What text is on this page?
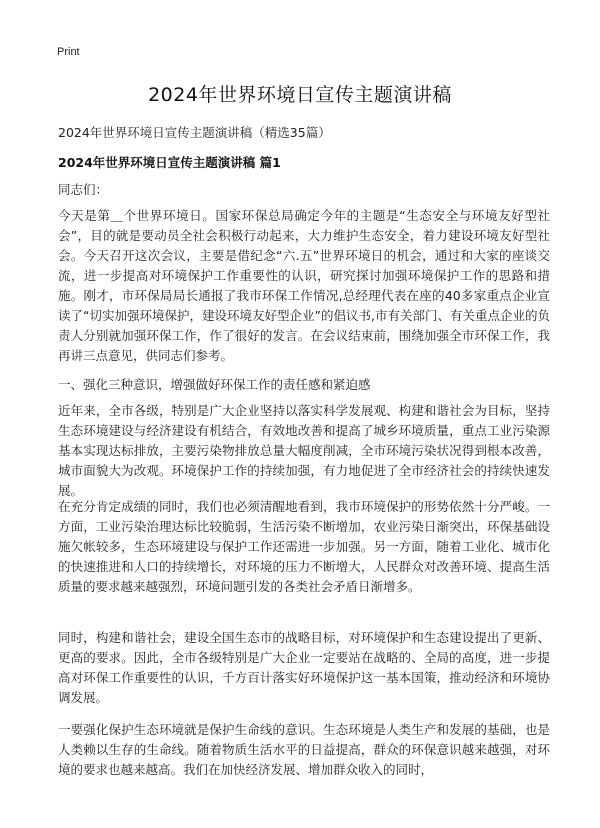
Print
2024年世界环境日宣传主题演讲稿
2024年世界环境日宣传主题演讲稿（精选35篇）
2024年世界环境日宣传主题演讲稿 篇1
同志们：

今天是第＿个世界环境日。国家环保总局确定今年的主题是“生态安全与环境友好型社会”，目的就是要动员全社会积极行动起来，大力维护生态安全，着力建设环境友好型社会。今天召开这次会议，主要是借纪念“六.五”世界环境日的机会，通过和大家的座谈交流，进一步提高对环境保护工作重要性的认识，研究探讨加强环境保护工作的思路和措施。刚才，市环保局局长通报了我市环保工作情况,总经理代表在座的40多家重点企业宣读了“切实加强环境保护，建设环境友好型企业”的倡议书,市有关部门、有关重点企业的负责人分别就加强环保工作，作了很好的发言。在会议结束前，围绕加强全市环保工作，我再讲三点意见，供同志们参考。

一、强化三种意识，增强做好环保工作的责任感和紧迫感

近年来，全市各级，特别是广大企业坚持以落实科学发展观、构建和谐社会为目标，坚持生态环境建设与经济建设有机结合，有效地改善和提高了城乡环境质量，重点工业污染源基本实现达标排放，主要污染物排放总量大幅度削减，全市环境污染状况得到根本改善，城市面貌大为改观。环境保护工作的持续加强，有力地促进了全市经济社会的持续快速发展。

在充分肯定成绩的同时，我们也必须清醒地看到，我市环境保护的形势依然十分严峻。一方面，工业污染治理达标比较脆弱，生活污染不断增加，农业污染日渐突出，环保基础设施欠帐较多，生态环境建设与保护工作还需进一步加强。另一方面，随着工业化、城市化的快速推进和人口的持续增长，对环境的压力不断增大，人民群众对改善环境、提高生活质量的要求越来越强烈，环境问题引发的各类社会矛盾日渐增多。

同时，构建和谐社会，建设全国生态市的战略目标，对环境保护和生态建设提出了更新、更高的要求。因此，全市各级特别是广大企业一定要站在战略的、全局的高度，进一步提高对环保工作重要性的认识，千方百计落实好环境保护这一基本国策，推动经济和环境协调发展。

一要强化保护生态环境就是保护生命线的意识。生态环境是人类生产和发展的基础，也是人类赖以生存的生命线。随着物质生活水平的日益提高，群众的环保意识越来越强，对环境的要求也越来越高。我们在加快经济发展、增加群众收入的同时，
